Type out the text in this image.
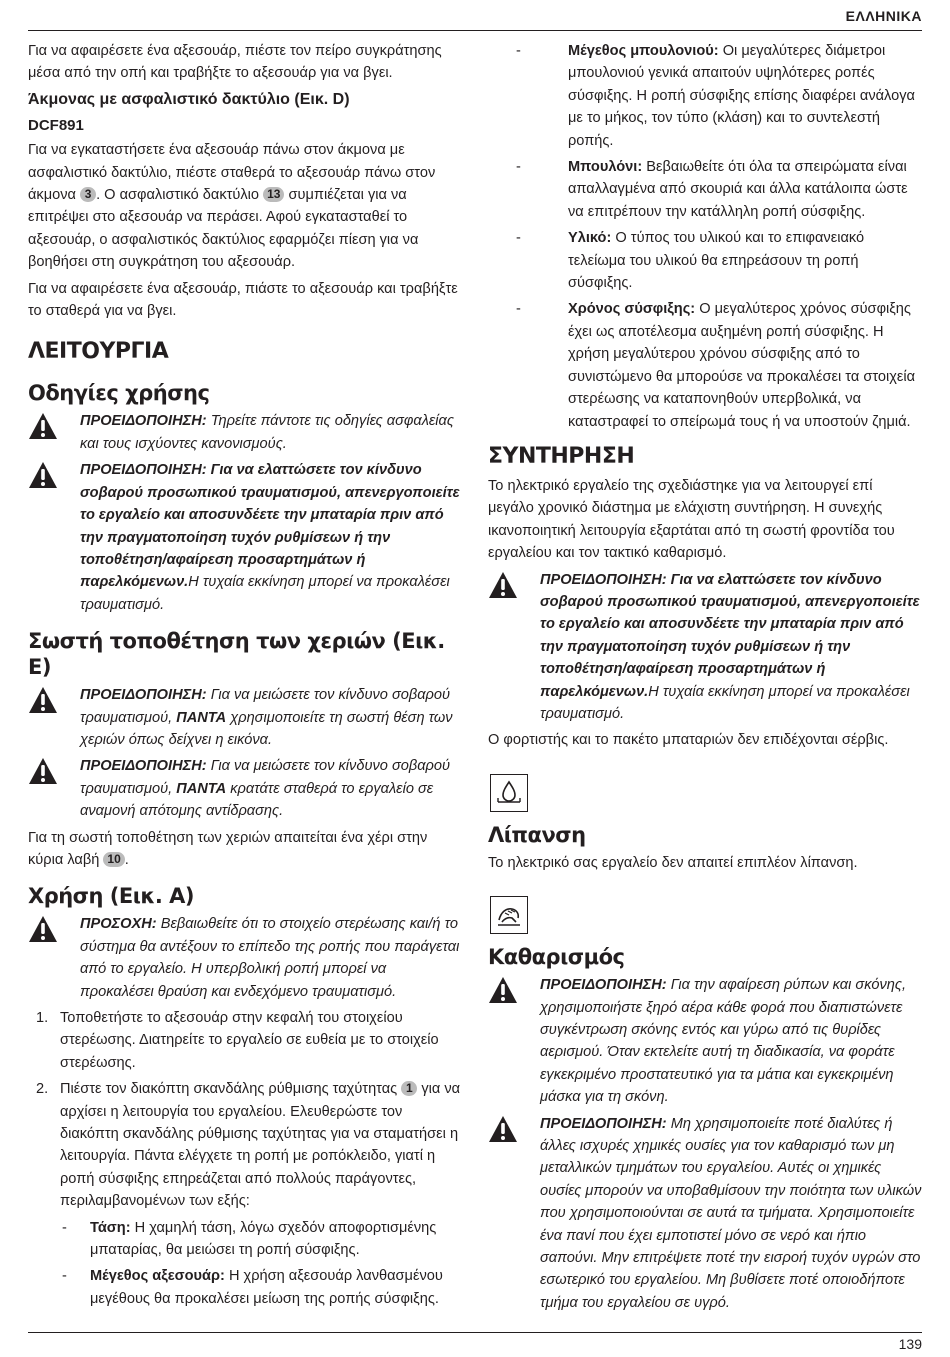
ΕΛΛΗΝΙΚΑ

Για να αφαιρέσετε ένα αξεσουάρ, πιέστε τον πείρο συγκράτησης μέσα από την οπή και τραβήξτε το αξεσουάρ για να βγει.

Άκμονας με ασφαλιστικό δακτύλιο (Εικ. D)
DCF891

Για να εγκαταστήσετε ένα αξεσουάρ πάνω στον άκμονα με ασφαλιστικό δακτύλιο, πιέστε σταθερά το αξεσουάρ πάνω στον άκμονα 3 . Ο ασφαλιστικό δακτύλιο 13 συμπιέζεται για να επιτρέψει στο αξεσουάρ να περάσει. Αφού εγκατασταθεί το αξεσουάρ, ο ασφαλιστικός δακτύλιος εφαρμόζει πίεση για να βοηθήσει στη συγκράτηση του αξεσουάρ.

Για να αφαιρέσετε ένα αξεσουάρ, πιάστε το αξεσουάρ και τραβήξτε το σταθερά για να βγει.

ΛΕΙΤΟΥΡΓΙΑ
Οδηγίες χρήσης
ΠΡΟΕΙΔΟΠΟΙΗΣΗ: Τηρείτε πάντοτε τις οδηγίες ασφαλείας και τους ισχύοντες κανονισμούς.
ΠΡΟΕΙΔΟΠΟΙΗΣΗ: Για να ελαττώσετε τον κίνδυνο σοβαρού προσωπικού τραυματισμού, απενεργοποιείτε το εργαλείο και αποσυνδέετε την μπαταρία πριν από την πραγματοποίηση τυχόν ρυθμίσεων ή την τοποθέτηση/αφαίρεση προσαρτημάτων ή παρελκόμενων.Η τυχαία εκκίνηση μπορεί να προκαλέσει τραυματισμό.
Σωστή τοποθέτηση των χεριών (Εικ. E)
ΠΡΟΕΙΔΟΠΟΙΗΣΗ: Για να μειώσετε τον κίνδυνο σοβαρού τραυματισμού, ΠΑΝΤΑ χρησιμοποιείτε τη σωστή θέση των χεριών όπως δείχνει η εικόνα.
ΠΡΟΕΙΔΟΠΟΙΗΣΗ: Για να μειώσετε τον κίνδυνο σοβαρού τραυματισμού, ΠΑΝΤΑ κρατάτε σταθερά το εργαλείο σε αναμονή απότομης αντίδρασης.

Για τη σωστή τοποθέτηση των χεριών απαιτείται ένα χέρι στην κύρια λαβή 10 .

Χρήση (Εικ. A)
ΠΡΟΣΟΧΗ: Βεβαιωθείτε ότι το στοιχείο στερέωσης και/ή το σύστημα θα αντέξουν το επίπεδο της ροπής που παράγεται από το εργαλείο. Η υπερβολική ροπή μπορεί να προκαλέσει θραύση και ενδεχόμενο τραυματισμό.
1. Τοποθετήστε το αξεσουάρ στην κεφαλή του στοιχείου στερέωσης. Διατηρείτε το εργαλείο σε ευθεία με το στοιχείο στερέωσης.
2. Πιέστε τον διακόπτη σκανδάλης ρύθμισης ταχύτητας 1 για να αρχίσει η λειτουργία του εργαλείου. Ελευθερώστε τον διακόπτη σκανδάλης ρύθμισης ταχύτητας για να σταματήσει η λειτουργία. Πάντα ελέγχετε τη ροπή με ροπόκλειδο, γιατί η ροπή σύσφιξης επηρεάζεται από πολλούς παράγοντες, περιλαμβανομένων των εξής:
-	Τάση: Η χαμηλή τάση, λόγω σχεδόν αποφορτισμένης μπαταρίας, θα μειώσει τη ροπή σύσφιξης.
-	Μέγεθος αξεσουάρ: Η χρήση αξεσουάρ λανθασμένου μεγέθους θα προκαλέσει μείωση της ροπής σύσφιξης.
-	Μέγεθος μπουλονιού: Οι μεγαλύτερες διάμετροι μπουλονιού γενικά απαιτούν υψηλότερες ροπές σύσφιξης. Η ροπή σύσφιξης επίσης διαφέρει ανάλογα με το μήκος, τον τύπο (κλάση) και το συντελεστή ροπής.
-	Μπουλόνι: Βεβαιωθείτε ότι όλα τα σπειρώματα είναι απαλλαγμένα από σκουριά και άλλα κατάλοιπα ώστε να επιτρέπουν την κατάλληλη ροπή σύσφιξης.
-	Υλικό: Ο τύπος του υλικού και το επιφανειακό τελείωμα του υλικού θα επηρεάσουν τη ροπή σύσφιξης.
-	Χρόνος σύσφιξης: Ο μεγαλύτερος χρόνος σύσφιξης έχει ως αποτέλεσμα αυξημένη ροπή σύσφιξης. Η χρήση μεγαλύτερου χρόνου σύσφιξης από το συνιστώμενο θα μπορούσε να προκαλέσει τα στοιχεία στερέωσης να καταπονηθούν υπερβολικά, να καταστραφεί το σπείρωμά τους ή να υποστούν ζημιά.
ΣΥΝΤΗΡΗΣΗ

Το ηλεκτρικό εργαλείο της σχεδιάστηκε για να λειτουργεί επί μεγάλο χρονικό διάστημα με ελάχιστη συντήρηση. Η συνεχής ικανοποιητική λειτουργία εξαρτάται από τη σωστή φροντίδα του εργαλείου και τον τακτικό καθαρισμό.

ΠΡΟΕΙΔΟΠΟΙΗΣΗ: Για να ελαττώσετε τον κίνδυνο σοβαρού προσωπικού τραυματισμού, απενεργοποιείτε το εργαλείο και αποσυνδέετε την μπαταρία πριν από την πραγματοποίηση τυχόν ρυθμίσεων ή την τοποθέτηση/αφαίρεση προσαρτημάτων ή παρελκόμενων.Η τυχαία εκκίνηση μπορεί να προκαλέσει τραυματισμό.

Ο φορτιστής και το πακέτο μπαταριών δεν επιδέχονται σέρβις.

Λίπανση

Το ηλεκτρικό σας εργαλείο δεν απαιτεί επιπλέον λίπανση.

Καθαρισμός
ΠΡΟΕΙΔΟΠΟΙΗΣΗ: Για την αφαίρεση ρύπων και σκόνης, χρησιμοποιήστε ξηρό αέρα κάθε φορά που διαπιστώνετε συγκέντρωση σκόνης εντός και γύρω από τις θυρίδες αερισμού. Όταν εκτελείτε αυτή τη διαδικασία, να φοράτε εγκεκριμένο προστατευτικό για τα μάτια και εγκεκριμένη μάσκα για τη σκόνη.
ΠΡΟΕΙΔΟΠΟΙΗΣΗ: Μη χρησιμοποιείτε ποτέ διαλύτες ή άλλες ισχυρές χημικές ουσίες για τον καθαρισμό των μη μεταλλικών τμημάτων του εργαλείου. Αυτές οι χημικές ουσίες μπορούν να υποβαθμίσουν την ποιότητα των υλικών που χρησιμοποιούνται σε αυτά τα τμήματα. Χρησιμοποιείτε ένα πανί που έχει εμποτιστεί μόνο σε νερό και ήπιο σαπούνι. Μην επιτρέψετε ποτέ την εισροή τυχόν υγρών στο εσωτερικό του εργαλείου. Μη βυθίσετε ποτέ οποιοδήποτε τμήμα του εργαλείου σε υγρό.
139
